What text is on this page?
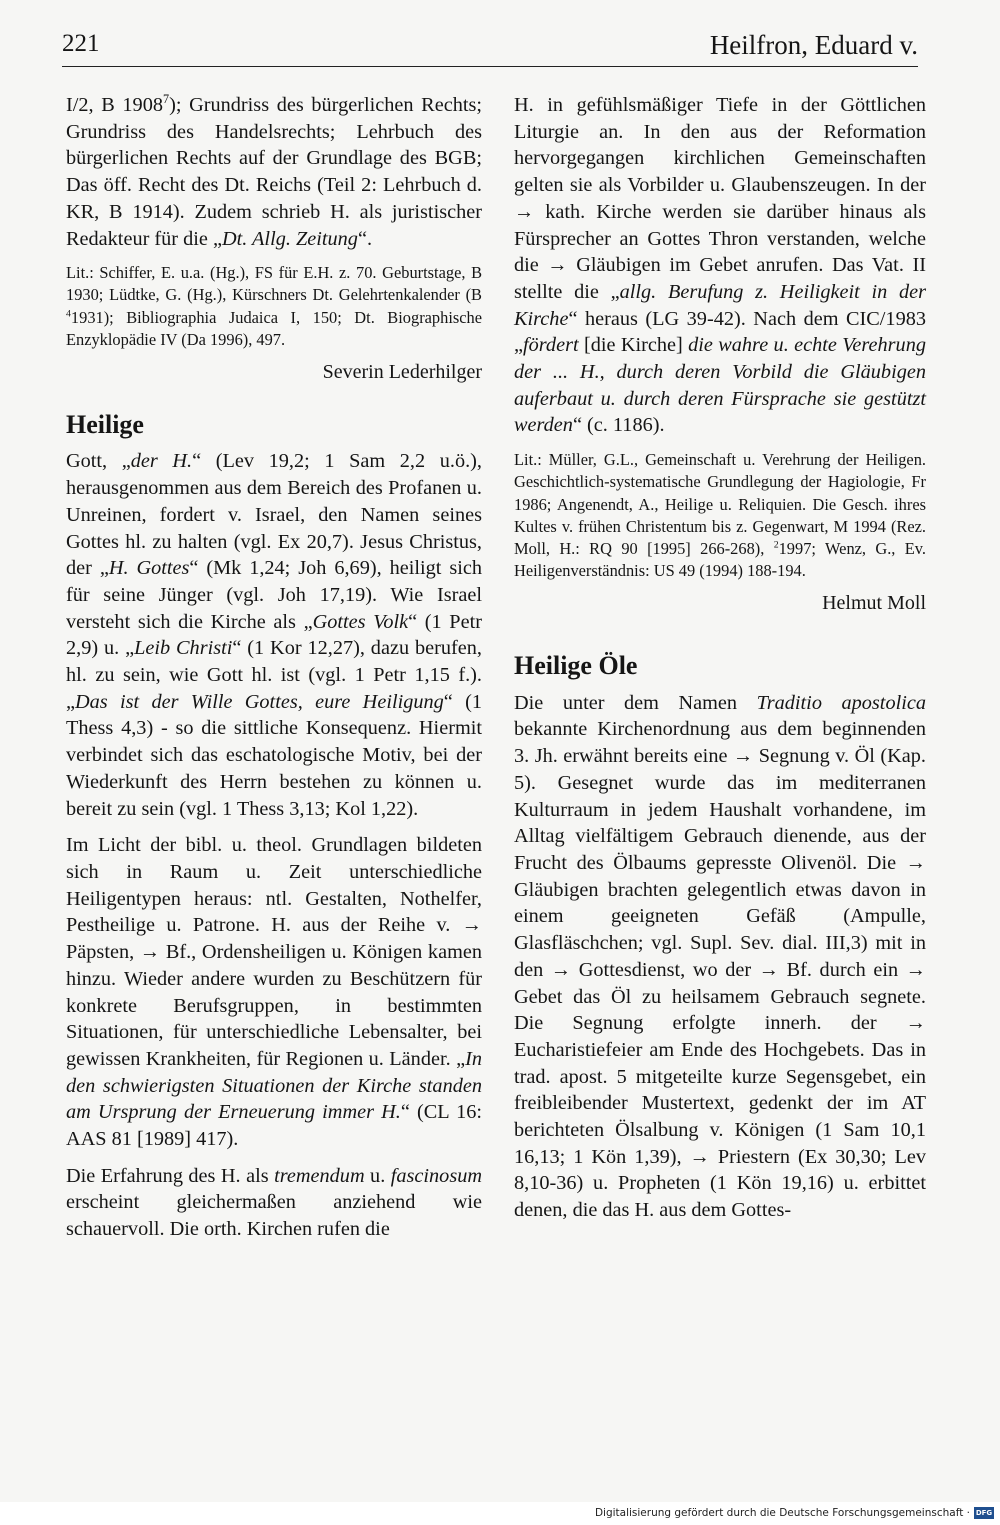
221	Heilfron, Eduard v.

I/2, B 1908$^7$); Grundriss des bürgerlichen Rechts; Grundriss des Handelsrechts; Lehrbuch des bürgerlichen Rechts auf der Grundlage des BGB; Das öff. Recht des Dt. Reichs (Teil 2: Lehrbuch d. KR, B 1914). Zudem schrieb H. als juristischer Redakteur für die „Dt. Allg. Zeitung“.

Lit.: Schiffer, E. u.a. (Hg.), FS für E.H. z. 70. Geburtstage, B 1930; Lüdtke, G. (Hg.), Kürschners Dt. Gelehrtenkalender (B $^4$1931); Bibliographia Judaica I, 150; Dt. Biographische Enzyklopädie IV (Da 1996), 497.

Severin Lederhilger

Heilige

Gott, „der H.“ (Lev 19,2; 1 Sam 2,2 u.ö.), herausgenommen aus dem Bereich des Profanen u. Unreinen, fordert v. Israel, den Namen seines Gottes hl. zu halten (vgl. Ex 20,7). Jesus Christus, der „H. Gottes“ (Mk 1,24; Joh 6,69), heiligt sich für seine Jünger (vgl. Joh 17,19). Wie Israel versteht sich die Kirche als „Gottes Volk“ (1 Petr 2,9) u. „Leib Christi“ (1 Kor 12,27), dazu berufen, hl. zu sein, wie Gott hl. ist (vgl. 1 Petr 1,15 f.). „Das ist der Wille Gottes, eure Heiligung“ (1 Thess 4,3) - so die sittliche Konsequenz. Hiermit verbindet sich das eschatologische Motiv, bei der Wiederkunft des Herrn bestehen zu können u. bereit zu sein (vgl. 1 Thess 3,13; Kol 1,22).

Im Licht der bibl. u. theol. Grundlagen bildeten sich in Raum u. Zeit unterschiedliche Heiligentypen heraus: ntl. Gestalten, Nothelfer, Pestheilige u. Patrone. H. aus der Reihe v. → Päpsten, → Bf., Ordensheiligen u. Königen kamen hinzu. Wieder andere wurden zu Beschützern für konkrete Berufsgruppen, in bestimmten Situationen, für unterschiedliche Lebensalter, bei gewissen Krankheiten, für Regionen u. Länder. „In den schwierigsten Situationen der Kirche standen am Ursprung der Erneuerung immer H.“ (CL 16: AAS 81 [1989] 417).

Die Erfahrung des H. als tremendum u. fascinosum erscheint gleichermaßen anziehend wie schauervoll. Die orth. Kirchen rufen die

H. in gefühlsmäßiger Tiefe in der Göttlichen Liturgie an. In den aus der Reformation hervorgegangen kirchlichen Gemeinschaften gelten sie als Vorbilder u. Glaubenszeugen. In der → kath. Kirche werden sie darüber hinaus als Fürsprecher an Gottes Thron verstanden, welche die → Gläubigen im Gebet anrufen. Das Vat. II stellte die „allg. Berufung z. Heiligkeit in der Kirche“ heraus (LG 39-42). Nach dem CIC/1983 „fördert [die Kirche] die wahre u. echte Verehrung der ... H., durch deren Vorbild die Gläubigen auferbaut u. durch deren Fürsprache sie gestützt werden“ (c. 1186).

Lit.: Müller, G.L., Gemeinschaft u. Verehrung der Heiligen. Geschichtlich-systematische Grundlegung der Hagiologie, Fr 1986; Angenendt, A., Heilige u. Reliquien. Die Gesch. ihres Kultes v. frühen Christentum bis z. Gegenwart, M 1994 (Rez. Moll, H.: RQ 90 [1995] 266-268), $^2$1997; Wenz, G., Ev. Heiligenverständnis: US 49 (1994) 188-194.

Helmut Moll

Heilige Öle

Die unter dem Namen Traditio apostolica bekannte Kirchenordnung aus dem beginnenden 3. Jh. erwähnt bereits eine → Segnung v. Öl (Kap. 5). Gesegnet wurde das im mediterranen Kulturraum in jedem Haushalt vorhandene, im Alltag vielfältigem Gebrauch dienende, aus der Frucht des Ölbaums gepresste Olivenöl. Die → Gläubigen brachten gelegentlich etwas davon in einem geeigneten Gefäß (Ampulle, Glasfläschchen; vgl. Supl. Sev. dial. III,3) mit in den → Gottesdienst, wo der → Bf. durch ein → Gebet das Öl zu heilsamem Gebrauch segnete. Die Segnung erfolgte innerh. der → Eucharistiefeier am Ende des Hochgebets. Das in trad. apost. 5 mitgeteilte kurze Segensgebet, ein freibleibender Mustertext, gedenkt der im AT berichteten Ölsalbung v. Königen (1 Sam 10,1 16,13; 1 Kön 1,39), → Priestern (Ex 30,30; Lev 8,10-36) u. Propheten (1 Kön 19,16) u. erbittet denen, die das H. aus dem Gottes-

Digitalisierung gefördert durch die Deutsche Forschungsgemeinschaft · DFG
